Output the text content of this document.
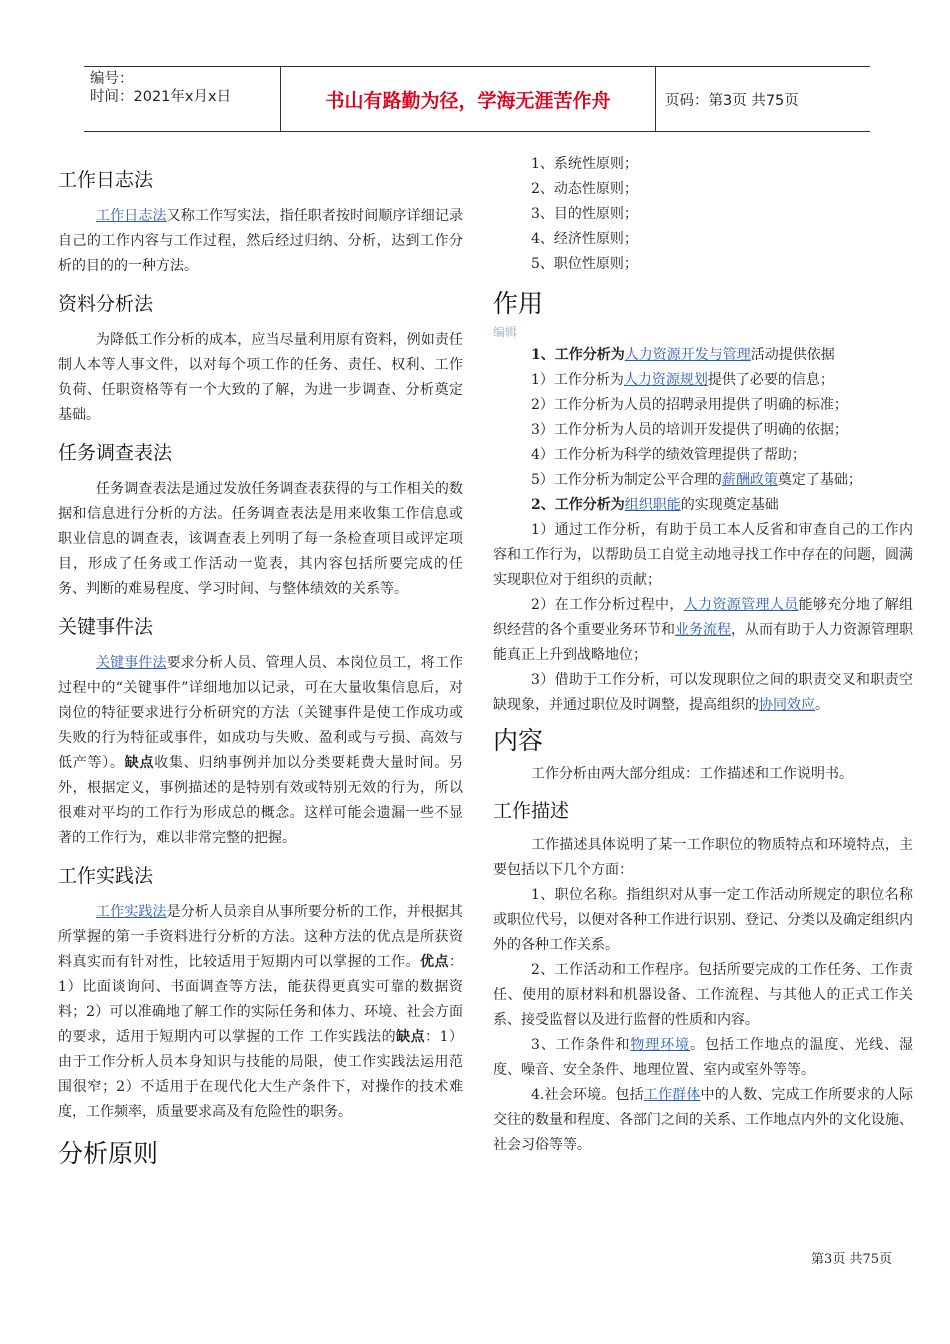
编号：
时间：2021年x月x日	书山有路勤为径，学海无涯苦作舟	页码：第3页 共75页
工作日志法

工作日志法又称工作写实法，指任职者按时间顺序详细记录自己的工作内容与工作过程，然后经过归纳、分析，达到工作分析的目的的一种方法。

资料分析法

为降低工作分析的成本，应当尽量利用原有资料，例如责任制人本等人事文件，以对每个项工作的任务、责任、权利、工作负荷、任职资格等有一个大致的了解，为进一步调查、分析奠定基础。

任务调查表法

任务调查表法是通过发放任务调查表获得的与工作相关的数据和信息进行分析的方法。任务调查表法是用来收集工作信息或职业信息的调查表，该调查表上列明了每一条检查项目或评定项目，形成了任务或工作活动一览表，其内容包括所要完成的任务、判断的难易程度、学习时间、与整体绩效的关系等。

关键事件法

关键事件法要求分析人员、管理人员、本岗位员工，将工作过程中的“关键事件”详细地加以记录，可在大量收集信息后，对岗位的特征要求进行分析研究的方法（关键事件是使工作成功或失败的行为特征或事件，如成功与失败、盈利或与亏损、高效与低产等）。缺点收集、归纳事例并加以分类要耗费大量时间。另外，根据定义，事例描述的是特别有效或特别无效的行为，所以很难对平均的工作行为形成总的概念。这样可能会遗漏一些不显著的工作行为，难以非常完整的把握。

工作实践法

工作实践法是分析人员亲自从事所要分析的工作，并根据其所掌握的第一手资料进行分析的方法。这种方法的优点是所获资料真实而有针对性，比较适用于短期内可以掌握的工作。优点：1）比面谈询问、书面调查等方法，能获得更真实可靠的数据资料；2）可以准确地了解工作的实际任务和体力、环境、社会方面的要求，适用于短期内可以掌握的工作 工作实践法的缺点：1）由于工作分析人员本身知识与技能的局限，使工作实践法运用范围很窄；2）不适用于在现代化大生产条件下，对操作的技术难度，工作频率，质量要求高及有危险性的职务。

分析原则
1、系统性原则；
2、动态性原则；
3、目的性原则；
4、经济性原则；
5、职位性原则；
作用
编辑

1、工作分析为人力资源开发与管理活动提供依据

1）工作分析为人力资源规划提供了必要的信息；

2）工作分析为人员的招聘录用提供了明确的标准；

3）工作分析为人员的培训开发提供了明确的依据；

4）工作分析为科学的绩效管理提供了帮助；

5）工作分析为制定公平合理的薪酬政策奠定了基础；

2、工作分析为组织职能的实现奠定基础

1）通过工作分析，有助于员工本人反省和审查自己的工作内容和工作行为，以帮助员工自觉主动地寻找工作中存在的问题，圆满实现职位对于组织的贡献；

2）在工作分析过程中，人力资源管理人员能够充分地了解组织经营的各个重要业务环节和业务流程，从而有助于人力资源管理职能真正上升到战略地位；

3）借助于工作分析，可以发现职位之间的职责交叉和职责空缺现象，并通过职位及时调整，提高组织的协同效应。

内容

工作分析由两大部分组成：工作描述和工作说明书。

工作描述

工作描述具体说明了某一工作职位的物质特点和环境特点，主要包括以下几个方面：

1、职位名称。指组织对从事一定工作活动所规定的职位名称或职位代号，以便对各种工作进行识别、登记、分类以及确定组织内外的各种工作关系。

2、工作活动和工作程序。包括所要完成的工作任务、工作责任、使用的原材料和机器设备、工作流程、与其他人的正式工作关系、接受监督以及进行监督的性质和内容。

3、工作条件和物理环境。包括工作地点的温度、光线、湿度、噪音、安全条件、地理位置、室内或室外等等。

4.社会环境。包括工作群体中的人数、完成工作所要求的人际交往的数量和程度、各部门之间的关系、工作地点内外的文化设施、社会习俗等等。

第3页 共75页
